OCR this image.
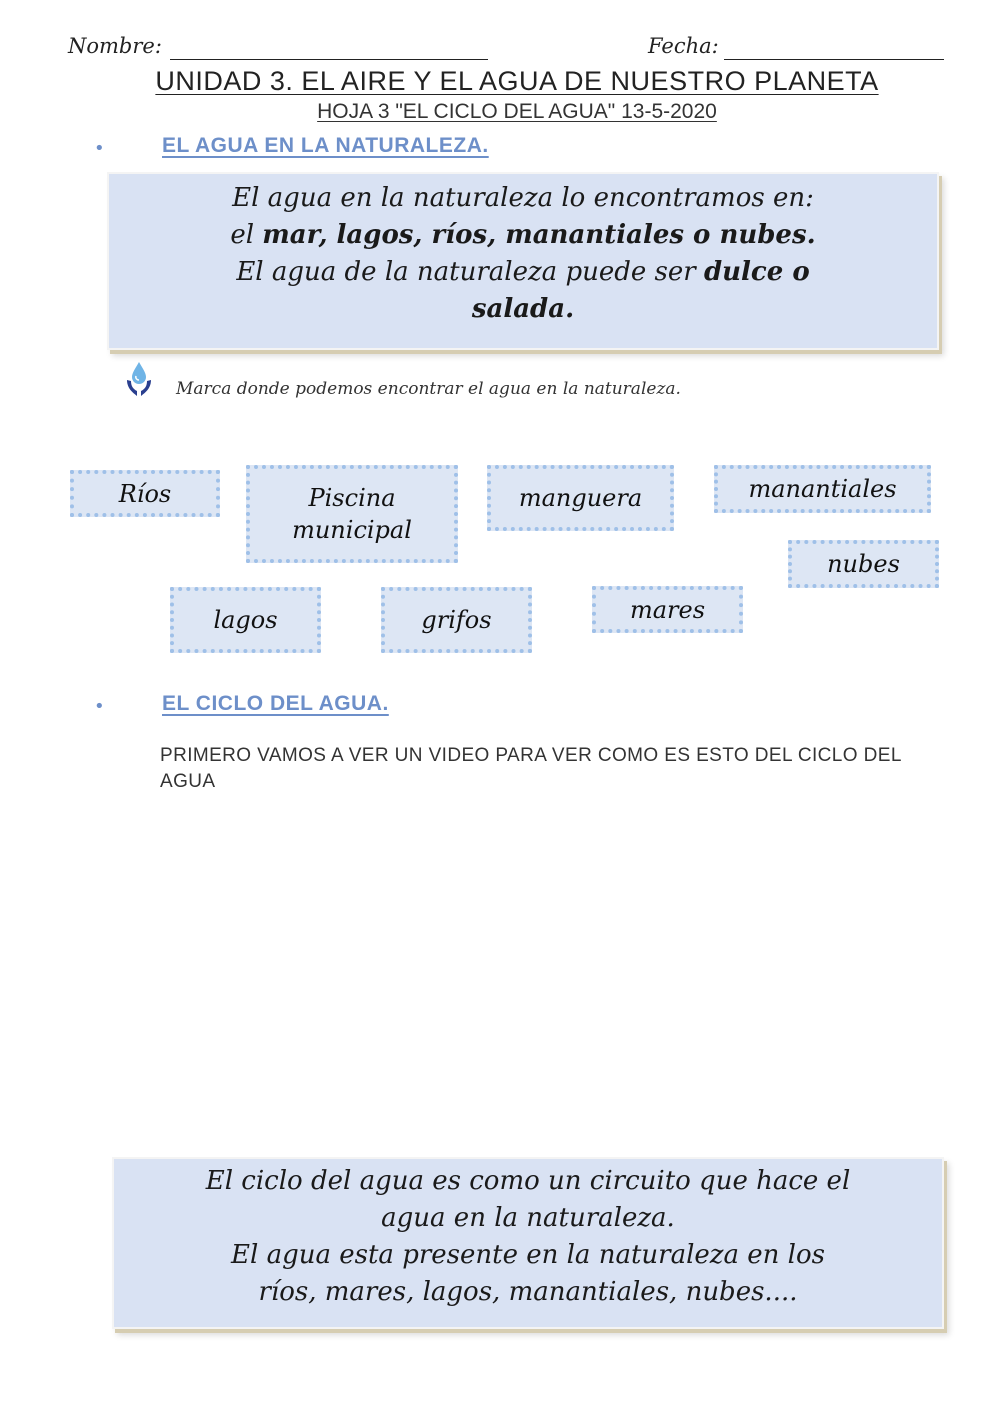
Nombre:	Fecha:
UNIDAD 3. EL AIRE Y EL AGUA DE NUESTRO PLANETA
HOJA 3 "EL CICLO DEL AGUA" 13-5-2020
•	EL AGUA EN LA NATURALEZA.
El agua en la naturaleza lo encontramos en:
el mar, lagos, ríos, manantiales o nubes.
El agua de la naturaleza puede ser dulce o
salada.
Marca donde podemos encontrar el agua en la naturaleza.
Ríos	Piscina municipal
manguera	manantiales
nubes
lagos	grifos	mares
•	EL CICLO DEL AGUA.
PRIMERO VAMOS A VER UN VIDEO PARA VER COMO ES ESTO DEL CICLO DEL AGUA
El ciclo del agua es como un circuito que hace el
agua en la naturaleza.
El agua esta presente en la naturaleza en los
ríos, mares, lagos, manantiales, nubes....
